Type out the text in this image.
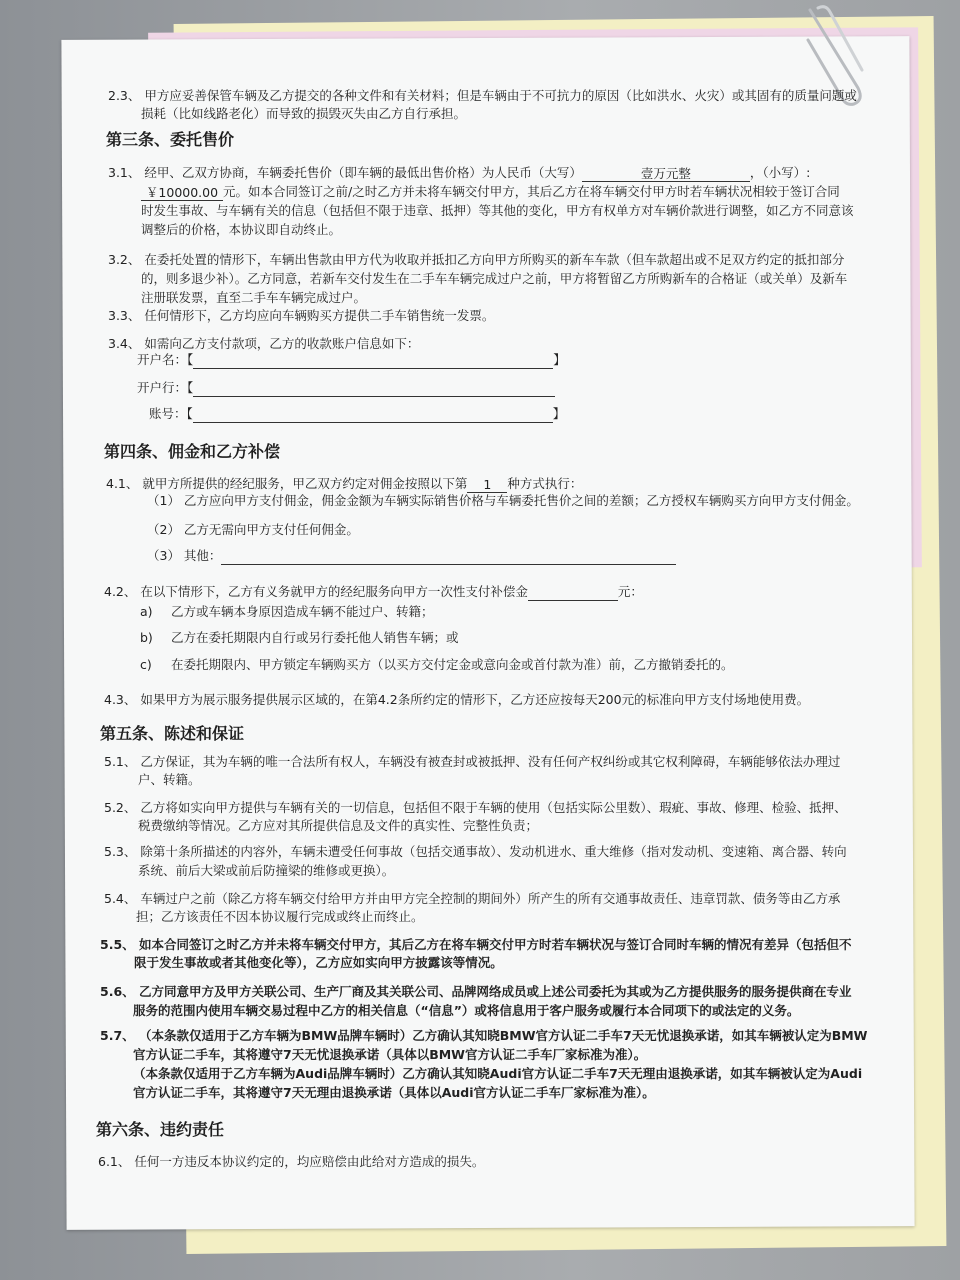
2.3、 甲方应妥善保管车辆及乙方提交的各种文件和有关材料；但是车辆由于不可抗力的原因（比如洪水、火灾）或其固有的质量问题或
损耗（比如线路老化）而导致的损毁灭失由乙方自行承担。
第三条、委托售价
3.1、 经甲、乙双方协商，车辆委托售价（即车辆的最低出售价格）为人民币（大写）	壹万元整	，（小写）:
￥10000.00 元。如本合同签订之前/之时乙方并未将车辆交付甲方，其后乙方在将车辆交付甲方时若车辆状况相较于签订合同
时发生事故、与车辆有关的信息（包括但不限于违章、抵押）等其他的变化，甲方有权单方对车辆价款进行调整，如乙方不同意该
调整后的价格，本协议即自动终止。
3.2、 在委托处置的情形下，车辆出售款由甲方代为收取并抵扣乙方向甲方所购买的新车车款（但车款超出或不足双方约定的抵扣部分
的，则多退少补）。乙方同意，若新车交付发生在二手车车辆完成过户之前，甲方将暂留乙方所购新车的合格证（或关单）及新车
注册联发票，直至二手车车辆完成过户。
3.3、 任何情形下，乙方均应向车辆购买方提供二手车销售统一发票。
3.4、 如需向乙方支付款项，乙方的收款账户信息如下：
开户名：【	】
开户行：【
账号：【	】
第四条、佣金和乙方补偿
4.1、 就甲方所提供的经纪服务，甲乙双方约定对佣金按照以下第 1 种方式执行：
（1） 乙方应向甲方支付佣金，佣金金额为车辆实际销售价格与车辆委托售价之间的差额；乙方授权车辆购买方向甲方支付佣金。
（2） 乙方无需向甲方支付任何佣金。
（3） 其他：
4.2、 在以下情形下，乙方有义务就甲方的经纪服务向甲方一次性支付补偿金	元：
a) 乙方或车辆本身原因造成车辆不能过户、转籍；
b) 乙方在委托期限内自行或另行委托他人销售车辆；或
c) 在委托期限内、甲方锁定车辆购买方（以买方交付定金或意向金或首付款为准）前，乙方撤销委托的。
4.3、 如果甲方为展示服务提供展示区域的，在第4.2条所约定的情形下，乙方还应按每天200元的标准向甲方支付场地使用费。
第五条、陈述和保证
5.1、 乙方保证，其为车辆的唯一合法所有权人，车辆没有被查封或被抵押、没有任何产权纠纷或其它权利障碍，车辆能够依法办理过
户、转籍。
5.2、 乙方将如实向甲方提供与车辆有关的一切信息，包括但不限于车辆的使用（包括实际公里数）、瑕疵、事故、修理、检验、抵押、
税费缴纳等情况。乙方应对其所提供信息及文件的真实性、完整性负责；
5.3、 除第十条所描述的内容外，车辆未遭受任何事故（包括交通事故）、发动机进水、重大维修（指对发动机、变速箱、离合器、转向
系统、前后大梁或前后防撞梁的维修或更换）。
5.4、 车辆过户之前（除乙方将车辆交付给甲方并由甲方完全控制的期间外）所产生的所有交通事故责任、违章罚款、债务等由乙方承
担；乙方该责任不因本协议履行完成或终止而终止。
5.5、 如本合同签订之时乙方并未将车辆交付甲方，其后乙方在将车辆交付甲方时若车辆状况与签订合同时车辆的情况有差异（包括但不
限于发生事故或者其他变化等），乙方应如实向甲方披露该等情况。
5.6、 乙方同意甲方及甲方关联公司、生产厂商及其关联公司、品牌网络成员或上述公司委托为其或为乙方提供服务的服务提供商在专业
服务的范围内使用车辆交易过程中乙方的相关信息（“信息”）或将信息用于客户服务或履行本合同项下的或法定的义务。
5.7、 （本条款仅适用于乙方车辆为BMW品牌车辆时）乙方确认其知晓BMW官方认证二手车7天无忧退换承诺，如其车辆被认定为BMW
官方认证二手车，其将遵守7天无忧退换承诺（具体以BMW官方认证二手车厂家标准为准）。
（本条款仅适用于乙方车辆为Audi品牌车辆时）乙方确认其知晓Audi官方认证二手车7天无理由退换承诺，如其车辆被认定为Audi
官方认证二手车，其将遵守7天无理由退换承诺（具体以Audi官方认证二手车厂家标准为准）。
第六条、违约责任
6.1、 任何一方违反本协议约定的，均应赔偿由此给对方造成的损失。
